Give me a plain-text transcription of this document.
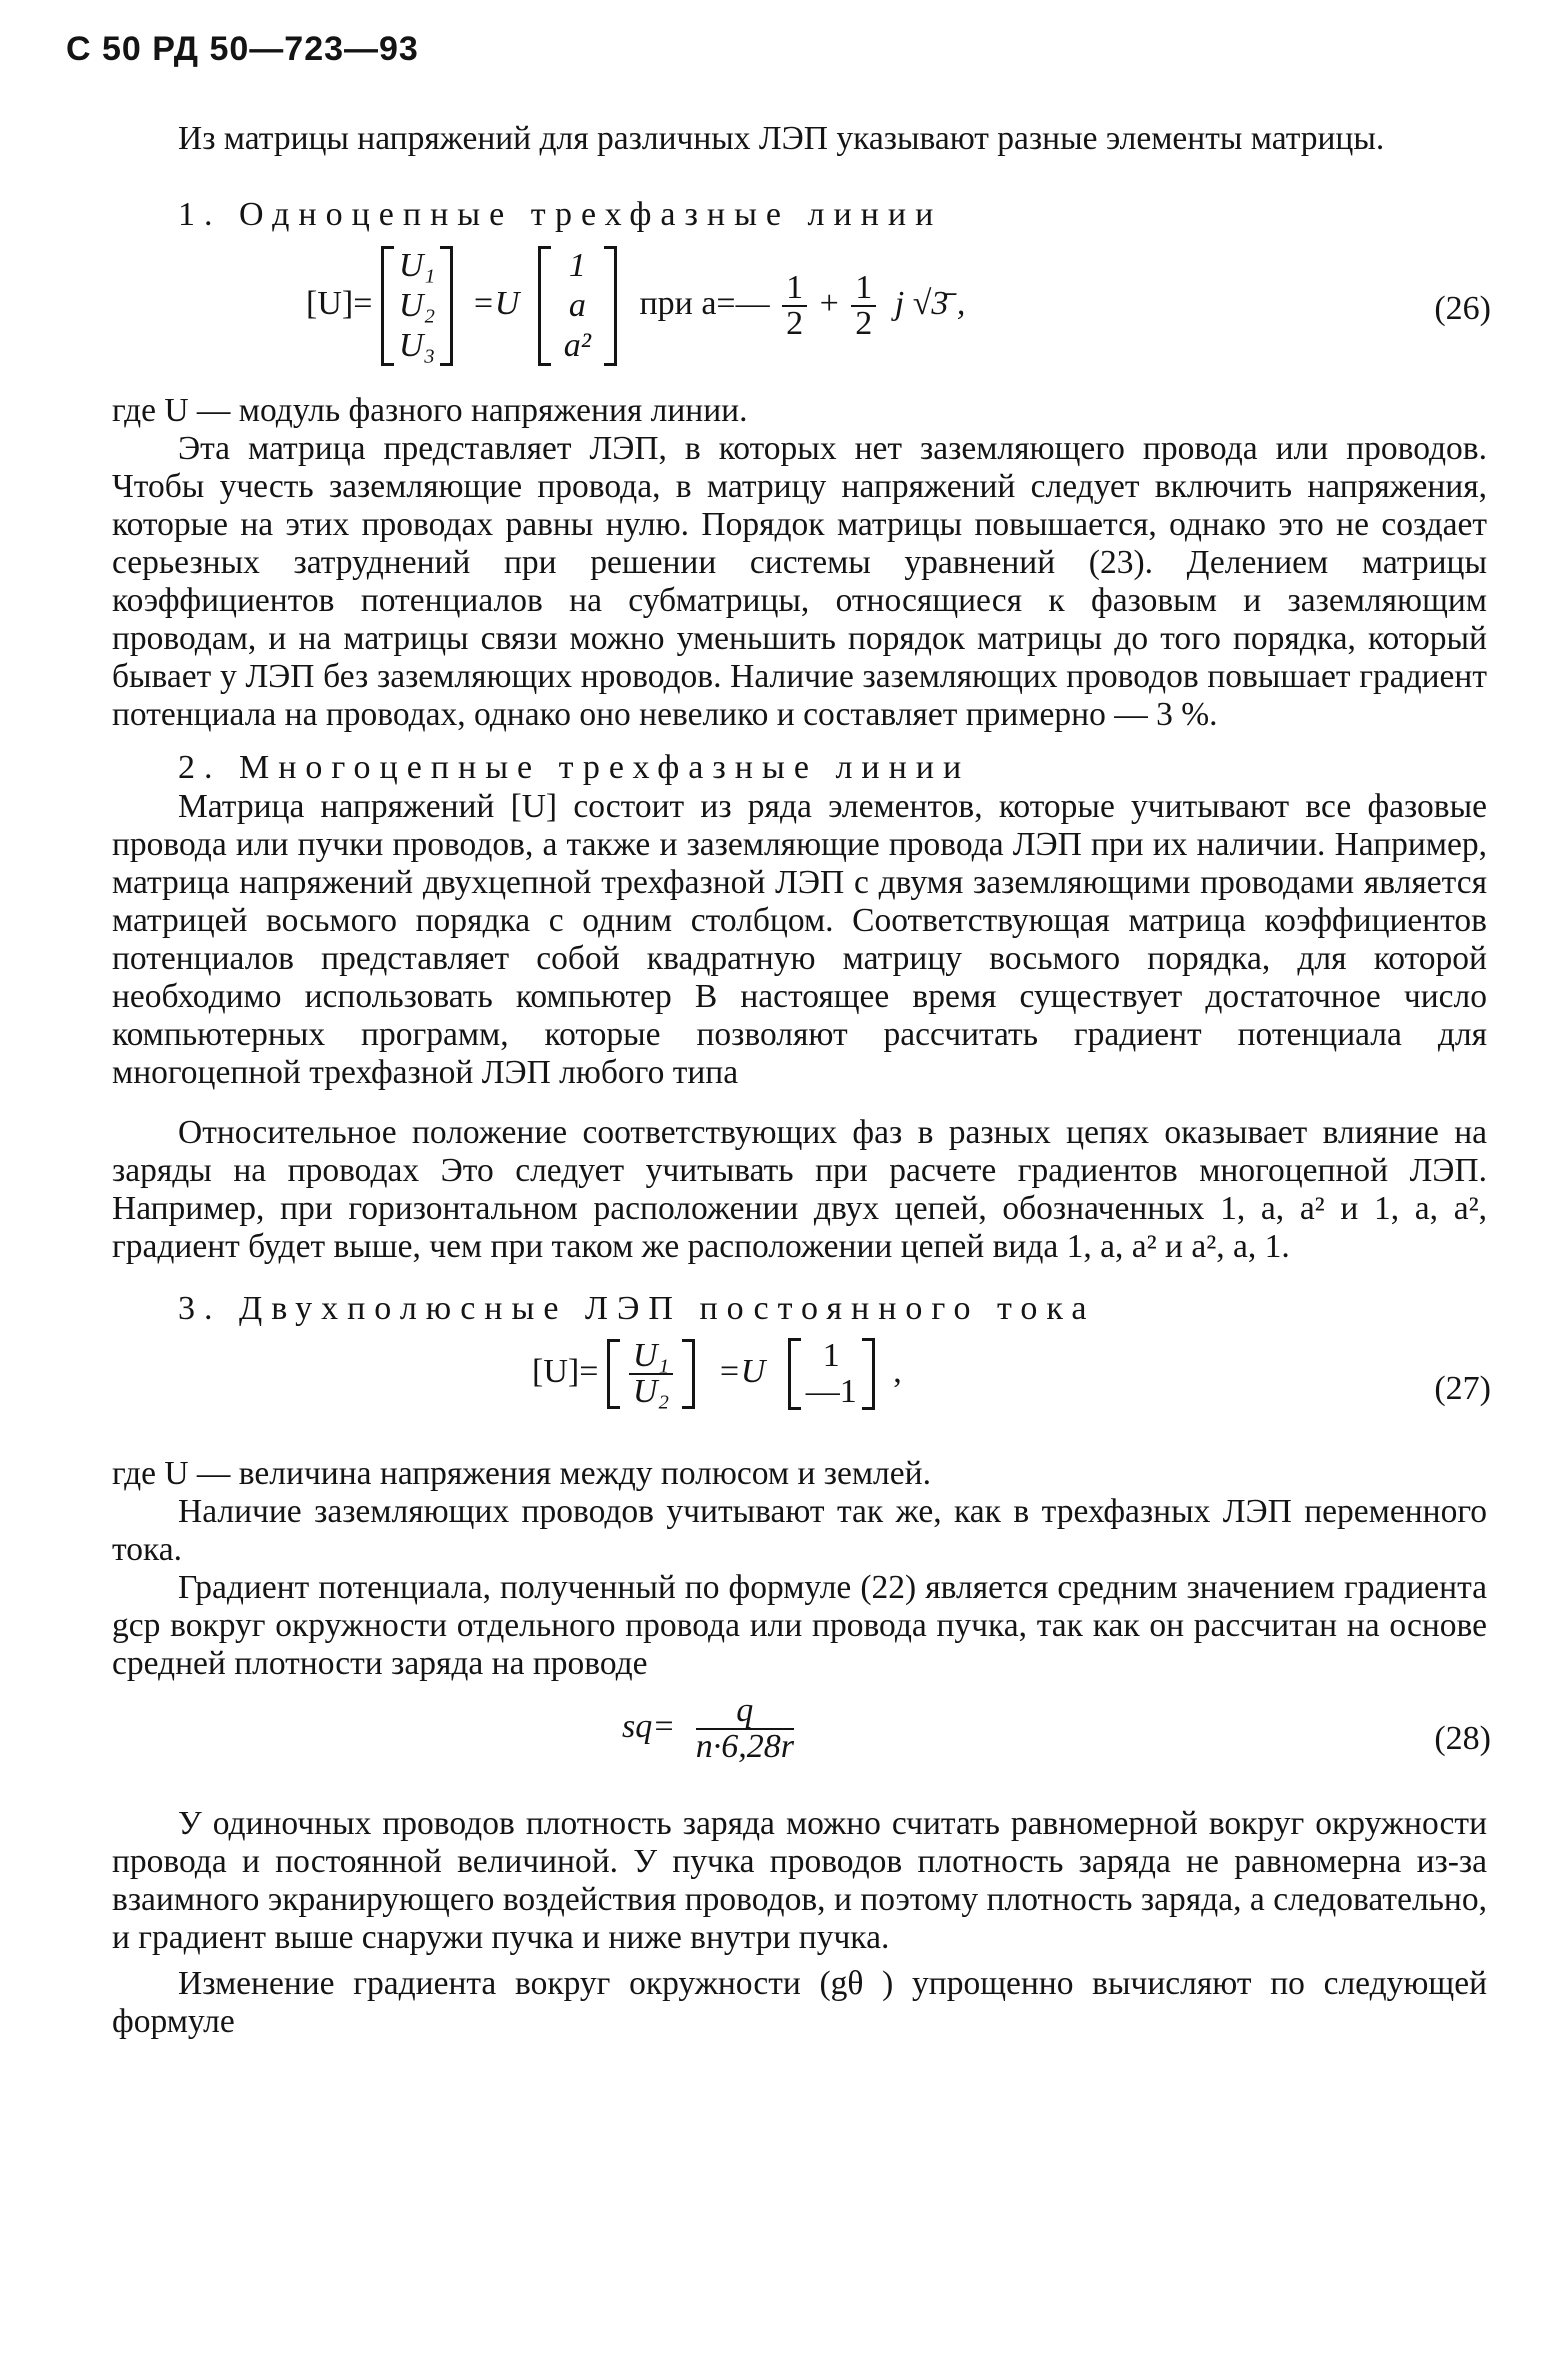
С 50 РД 50—723—93

Из матрицы напряжений для различных ЛЭП указывают разные элементы матрицы.

1. Одноцепные трехфазные линии

[U]=
U₁
U₂
U₃
=U
1
a
a²
при a=— $\frac{1}{2} + \frac{1}{2}$ j √3̄ ,	(26)

где U — модуль фазного напряжения линии.

Эта матрица представляет ЛЭП, в которых нет заземляющего провода или проводов. Чтобы учесть заземляющие провода, в матрицу напряжений следует включить напряжения, которые на этих проводах равны нулю. Порядок матрицы повышается, однако это не создает серьезных затруднений при решении системы уравнений (23). Делением матрицы коэффициентов потенциалов на субматрицы, относящиеся к фазовым и заземляющим проводам, и на матрицы связи можно уменьшить порядок матрицы до того порядка, который бывает у ЛЭП без заземляющих нроводов. Наличие заземляющих проводов повышает градиент потенциала на проводах, однако оно невелико и составляет примерно — 3 %.

2. Многоцепные трехфазные линии

Матрица напряжений [U] состоит из ряда элементов, которые учитывают все фазовые провода или пучки проводов, а также и заземляющие провода ЛЭП при их наличии. Например, матрица напряжений двухцепной трехфазной ЛЭП с двумя заземляющими проводами является матрицей восьмого порядка с одним столбцом. Соответствующая матрица коэффициентов потенциалов представляет собой квадратную матрицу восьмого порядка, для которой необходимо использовать компьютер В настоящее время существует достаточное число компьютерных программ, которые позволяют рассчитать градиент потенциала для многоцепной трехфазной ЛЭП любого типа

Относительное положение соответствующих фаз в разных цепях оказывает влияние на заряды на проводах Это следует учитывать при расчете градиентов многоцепной ЛЭП. Например, при горизонтальном расположении двух цепей, обозначенных 1, a, a² и 1, a, a², градиент будет выше, чем при таком же расположении цепей вида 1, a, a² и a², a, 1.

3. Двухполюсные ЛЭП постоянного тока

$[U]= \frac{\text{U₁}}{\text{U₂}} =U$	1
—1
,	(27)

где U — величина напряжения между полюсом и землей.

Наличие заземляющих проводов учитывают так же, как в трехфазных ЛЭП переменного тока.

Градиент потенциала, полученный по формуле (22) является средним значением градиента gср вокруг окружности отдельного провода или провода пучка, так как он рассчитан на основе средней плотности заряда на проводе

$sq= \frac{q}{n\cdot 6,28r}$	(28)

У одиночных проводов плотность заряда можно считать равномерной вокруг окружности провода и постоянной величиной. У пучка проводов плотность заряда не равномерна из-за взаимного экранирующего воздействия проводов, и поэтому плотность заряда, а следовательно, и градиент выше снаружи пучка и ниже внутри пучка.

Изменение градиента вокруг окружности (gθ ) упрощенно вычисляют по следующей формуле
